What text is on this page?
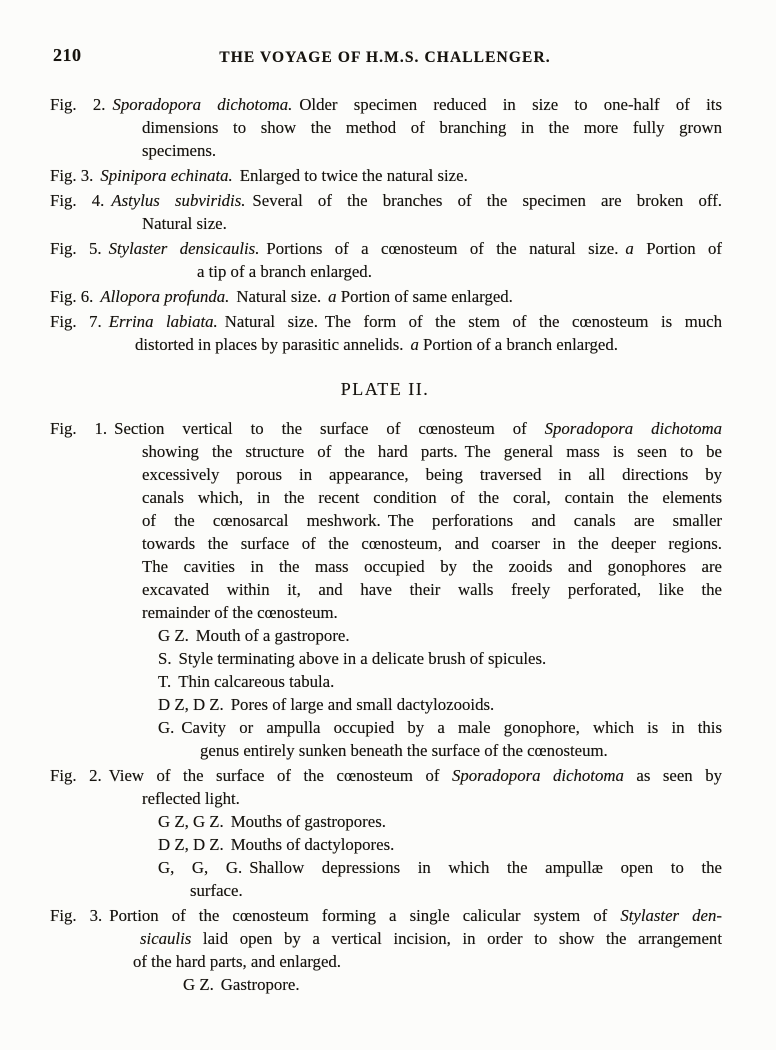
210	THE VOYAGE OF H.M.S. CHALLENGER.
Fig. 2. Sporadopora dichotoma. Older specimen reduced in size to one-half of its
dimensions to show the method of branching in the more fully grown
specimens.
Fig. 3. Spinipora echinata. Enlarged to twice the natural size.
Fig. 4. Astylus subviridis. Several of the branches of the specimen are broken off.
Natural size.
Fig. 5. Stylaster densicaulis. Portions of a cœnosteum of the natural size. a Portion of
a tip of a branch enlarged.
Fig. 6. Allopora profunda. Natural size. a Portion of same enlarged.
Fig. 7. Errina labiata. Natural size. The form of the stem of the cœnosteum is much
distorted in places by parasitic annelids. a Portion of a branch enlarged.
PLATE II.
Fig. 1. Section vertical to the surface of cœnosteum of Sporadopora dichotoma
showing the structure of the hard parts. The general mass is seen to be
excessively porous in appearance, being traversed in all directions by
canals which, in the recent condition of the coral, contain the elements
of the cœnosarcal meshwork. The perforations and canals are smaller
towards the surface of the cœnosteum, and coarser in the deeper regions.
The cavities in the mass occupied by the zooids and gonophores are
excavated within it, and have their walls freely perforated, like the
remainder of the cœnosteum.
G Z. Mouth of a gastropore.
S. Style terminating above in a delicate brush of spicules.
T. Thin calcareous tabula.
D Z, D Z. Pores of large and small dactylozooids.
G. Cavity or ampulla occupied by a male gonophore, which is in this
genus entirely sunken beneath the surface of the cœnosteum.
Fig. 2. View of the surface of the cœnosteum of Sporadopora dichotoma as seen by
reflected light.
G Z, G Z. Mouths of gastropores.
D Z, D Z. Mouths of dactylopores.
G, G, G. Shallow depressions in which the ampullæ open to the
surface.
Fig. 3. Portion of the cœnosteum forming a single calicular system of Stylaster den-
sicaulis laid open by a vertical incision, in order to show the arrangement
of the hard parts, and enlarged.
G Z. Gastropore.
